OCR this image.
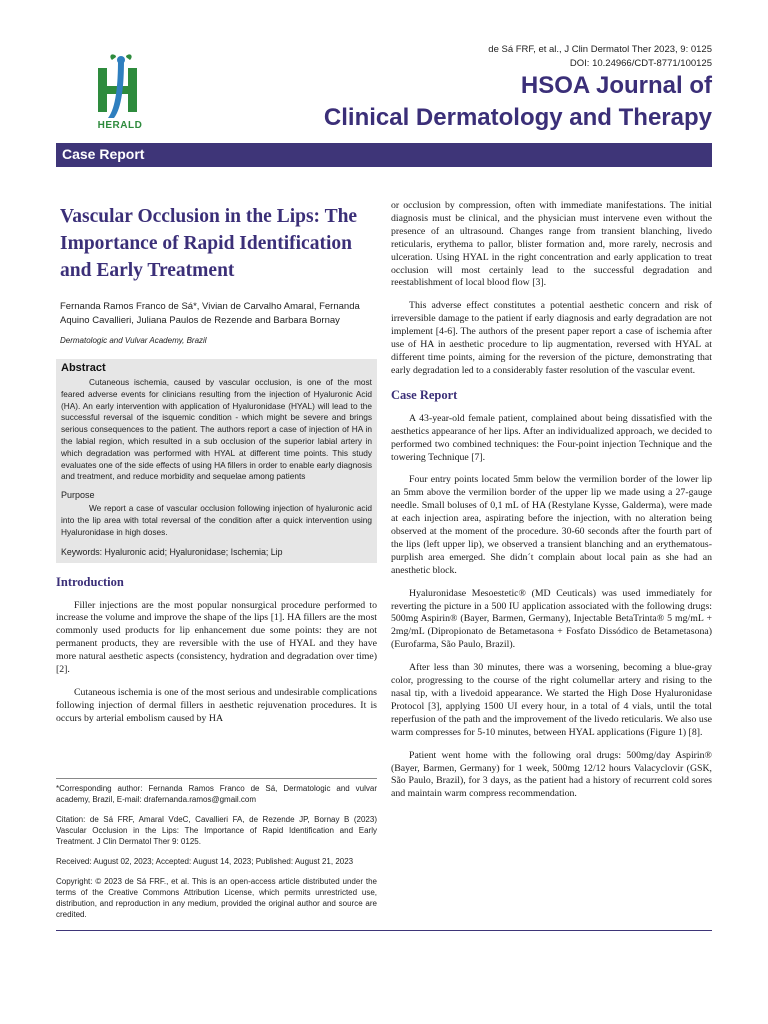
HERALD
de Sá FRF, et al., J Clin Dermatol Ther 2023, 9: 0125
DOI: 10.24966/CDT-8771/100125
HSOA Journal of
Clinical Dermatology and Therapy
Case Report
Vascular Occlusion in the Lips: The Importance of Rapid Identification and Early Treatment

Fernanda Ramos Franco de Sá*, Vivian de Carvalho Amaral, Fernanda Aquino Cavallieri, Juliana Paulos de Rezende and Barbara Bornay

Dermatologic and Vulvar Academy, Brazil

Abstract

Cutaneous ischemia, caused by vascular occlusion, is one of the most feared adverse events for clinicians resulting from the injection of Hyaluronic Acid (HA). An early intervention with application of Hyaluronidase (HYAL) will lead to the successful reversal of the isquemic condition - which might be severe and brings serious consequences to the patient. The authors report a case of injection of HA in the labial region, which resulted in a sub occlusion of the superior labial artery in which degradation was performed with HYAL at different time points. This study evaluates one of the side effects of using HA fillers in order to enable early diagnosis and treatment, and reduce morbidity and sequelae among patients

Purpose

We report a case of vascular occlusion following injection of hyaluronic acid into the lip area with total reversal of the condition after a quick intervention using Hyaluronidase in high doses.

Keywords: Hyaluronic acid; Hyaluronidase; Ischemia; Lip
Introduction

Filler injections are the most popular nonsurgical procedure performed to increase the volume and improve the shape of the lips [1]. HA fillers are the most commonly used products for lip enhancement due some points: they are not permanent products, they are reversible with the use of HYAL and they have more natural aesthetic aspects (consistency, hydration and degradation over time) [2].

Cutaneous ischemia is one of the most serious and undesirable complications following injection of dermal fillers in aesthetic rejuvenation procedures. It is occurs by arterial embolism caused by HA

*Corresponding author: Fernanda Ramos Franco de Sá, Dermatologic and vulvar academy, Brazil, E-mail: drafernanda.ramos@gmail.com

Citation: de Sá FRF, Amaral VdeC, Cavallieri FA, de Rezende JP, Bornay B (2023) Vascular Occlusion in the Lips: The Importance of Rapid Identification and Early Treatment. J Clin Dermatol Ther 9: 0125.

Received: August 02, 2023; Accepted: August 14, 2023; Published: August 21, 2023

Copyright: © 2023 de Sá FRF., et al. This is an open-access article distributed under the terms of the Creative Commons Attribution License, which permits unrestricted use, distribution, and reproduction in any medium, provided the original author and source are credited.

or occlusion by compression, often with immediate manifestations. The initial diagnosis must be clinical, and the physician must intervene even without the presence of an ultrasound. Changes range from transient blanching, livedo reticularis, erythema to pallor, blister formation and, more rarely, necrosis and ulceration. Using HYAL in the right concentration and early application to treat occlusion will most certainly lead to the successful degradation and reestablishment of local blood flow [3].

This adverse effect constitutes a potential aesthetic concern and risk of irreversible damage to the patient if early diagnosis and early degradation are not implement [4-6]. The authors of the present paper report a case of ischemia after use of HA in aesthetic procedure to lip augmentation, reversed with HYAL at different time points, aiming for the reversion of the picture, demonstrating that early degradation led to a considerably faster resolution of the vascular event.

Case Report

A 43-year-old female patient, complained about being dissatisfied with the aesthetics appearance of her lips. After an individualized approach, we decided to performed two combined techniques: the Four-point injection Technique and the towering Technique [7].

Four entry points located 5mm below the vermilion border of the lower lip an 5mm above the vermilion border of the upper lip we made using a 27-gauge needle. Small boluses of 0,1 mL of HA (Restylane Kysse, Galderma), were made at each injection area, aspirating before the injection, with no alteration being observed at the moment of the procedure. 30-60 seconds after the fourth part of the lips (left upper lip), we observed a transient blanching and an erythematous-purplish area emerged. She didn´t complain about local pain as she had an anesthetic block.

Hyaluronidase Mesoestetic® (MD Ceuticals) was used immediately for reverting the picture in a 500 IU application associated with the following drugs: 500mg Aspirin® (Bayer, Barmen, Germany), Injectable BetaTrinta® 5 mg/mL + 2mg/mL (Dipropionato de Betametasona + Fosfato Dissódico de Betametasona) (Eurofarma, São Paulo, Brazil).

After less than 30 minutes, there was a worsening, becoming a blue-gray color, progressing to the course of the right columellar artery and rising to the nasal tip, with a livedoid appearance. We started the High Dose Hyaluronidase Protocol [3], applying 1500 UI every hour, in a total of 4 vials, until the total reperfusion of the path and the improvement of the livedo reticularis. We also use warm compresses for 5-10 minutes, between HYAL applications (Figure 1) [8].

Patient went home with the following oral drugs: 500mg/day Aspirin® (Bayer, Barmen, Germany) for 1 week, 500mg 12/12 hours Valacyclovir (GSK, São Paulo, Brazil), for 3 days, as the patient had a history of recurrent cold sores and maintain warm compress recommendation.
